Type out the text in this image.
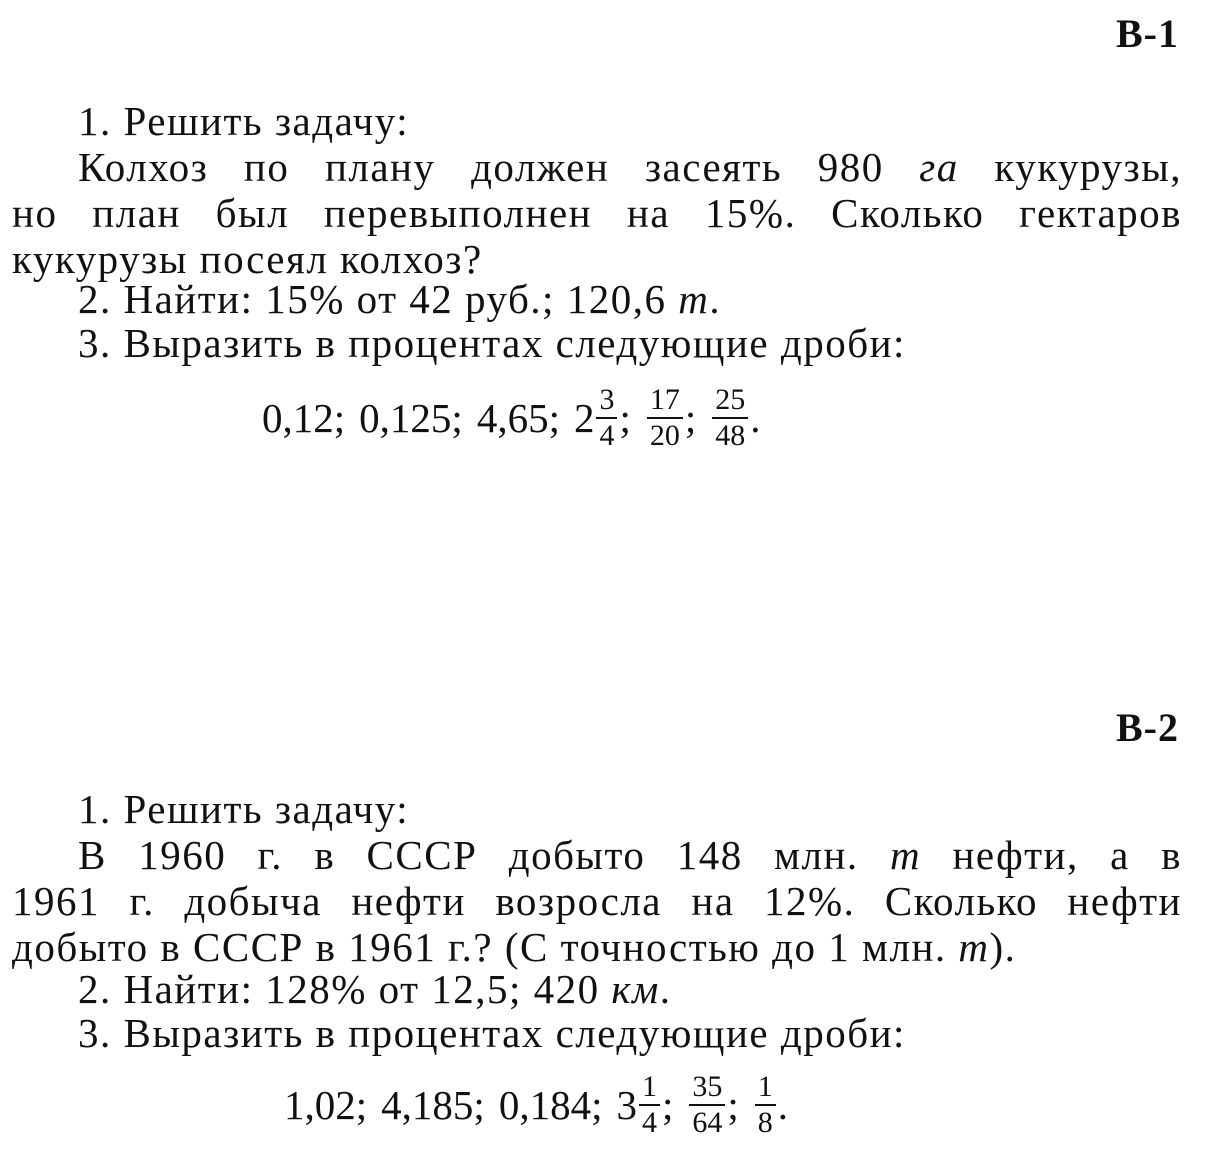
В-1
1. Решить задачу:
Колхоз по плану должен засеять 980 га кукурузы,
но план был перевыполнен на 15%. Сколько гектаров
кукурузы посеял колхоз?
2. Найти: 15% от 42 руб.; 120,6 т.
3. Выразить в процентах следующие дроби:
0,12; 0,125; 4,65; $2 \frac{3}{4}$ ; $\frac{17}{20}$ ; $\frac{25}{48}$ .
В-2
1. Решить задачу:
В 1960 г. в СССР добыто 148 млн. т нефти, а в
1961 г. добыча нефти возросла на 12%. Сколько нефти
добыто в СССР в 1961 г.? (С точностью до 1 млн. т).
2. Найти: 128% от 12,5; 420 км.
3. Выразить в процентах следующие дроби:
1,02; 4,185; 0,184; $3 \frac{1}{4}$ ; $\frac{35}{64}$ ; $\frac{1}{8}$ .
